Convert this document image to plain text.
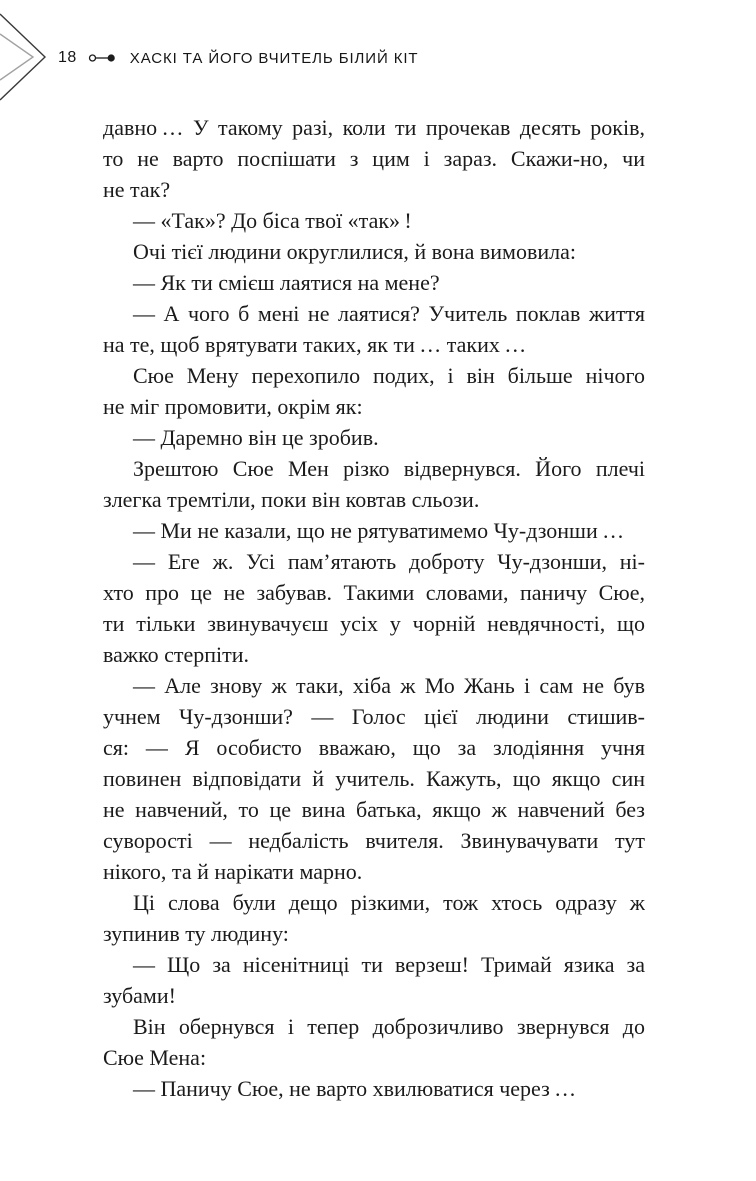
18	ХАСКІ ТА ЙОГО ВЧИТЕЛЬ БІЛИЙ КІТ
давно … У такому разі, коли ти прочекав десять років,
то не варто поспішати з цим і зараз. Скажи-но, чи
не так?
— «Так»? До біса твої «так» !
Очі тієї людини округлилися, й вона вимовила:
— Як ти смієш лаятися на мене?
— А чого б мені не лаятися? Учитель поклав життя
на те, щоб врятувати таких, як ти … таких …
Сюе Мену перехопило подих, і він більше нічого
не міг промовити, окрім як:
— Даремно він це зробив.
Зрештою Сюе Мен різко відвернувся. Його плечі
злегка тремтіли, поки він ковтав сльози.
— Ми не казали, що не рятуватимемо Чу-дзонши …
— Еге ж. Усі пам’ятають доброту Чу-дзонши, ні-
хто про це не забував. Такими словами, паничу Сюе,
ти тільки звинувачуєш усіх у чорній невдячності, що
важко стерпіти.
— Але знову ж таки, хіба ж Мо Жань і сам не був
учнем Чу-дзонши? — Голос цієї людини стишив-
ся: — Я особисто вважаю, що за злодіяння учня
повинен відповідати й учитель. Кажуть, що якщо син
не навчений, то це вина батька, якщо ж навчений без
суворості — недбалість вчителя. Звинувачувати тут
нікого, та й нарікати марно.
Ці слова були дещо різкими, тож хтось одразу ж
зупинив ту людину:
— Що за нісенітниці ти верзеш! Тримай язика за
зубами!
Він обернувся і тепер доброзичливо звернувся до
Сюе Мена:
— Паничу Сюе, не варто хвилюватися через …
